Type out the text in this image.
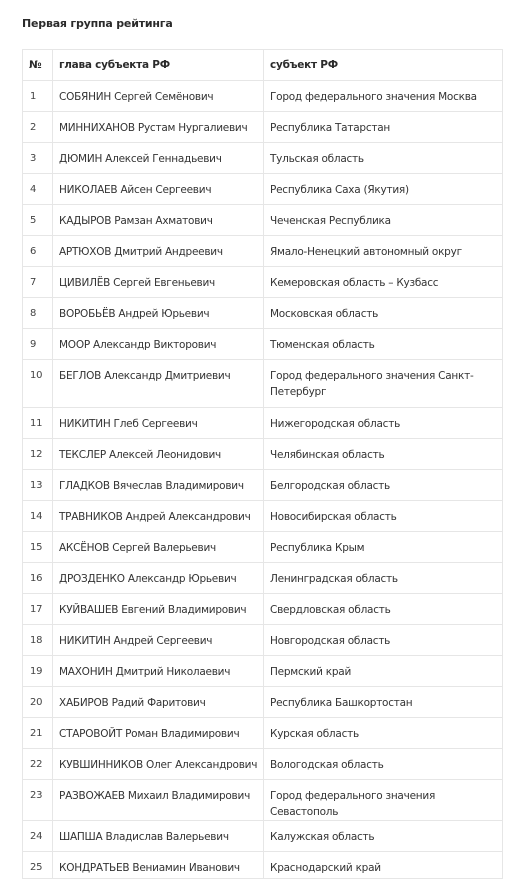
Первая группа рейтинга
№	глава субъекта РФ	субъект РФ
1	СОБЯНИН Сергей Семёнович	Город федерального значения Москва
2	МИННИХАНОВ Рустам Нургалиевич	Республика Татарстан
3	ДЮМИН Алексей Геннадьевич	Тульская область
4	НИКОЛАЕВ Айсен Сергеевич	Республика Саха (Якутия)
5	КАДЫРОВ Рамзан Ахматович	Чеченская Республика
6	АРТЮХОВ Дмитрий Андреевич	Ямало-Ненецкий автономный округ
7	ЦИВИЛЁВ Сергей Евгеньевич	Кемеровская область – Кузбасс
8	ВОРОБЬЁВ Андрей Юрьевич	Московская область
9	МООР Александр Викторович	Тюменская область
10	БЕГЛОВ Александр Дмитриевич	Город федерального значения Санкт-Петербург
11	НИКИТИН Глеб Сергеевич	Нижегородская область
12	ТЕКСЛЕР Алексей Леонидович	Челябинская область
13	ГЛАДКОВ Вячеслав Владимирович	Белгородская область
14	ТРАВНИКОВ Андрей Александрович	Новосибирская область
15	АКСЁНОВ Сергей Валерьевич	Республика Крым
16	ДРОЗДЕНКО Александр Юрьевич	Ленинградская область
17	КУЙВАШЕВ Евгений Владимирович	Свердловская область
18	НИКИТИН Андрей Сергеевич	Новгородская область
19	МАХОНИН Дмитрий Николаевич	Пермский край
20	ХАБИРОВ Радий Фаритович	Республика Башкортостан
21	СТАРОВОЙТ Роман Владимирович	Курская область
22	КУВШИННИКОВ Олег Александрович	Вологодская область
23	РАЗВОЖАЕВ Михаил Владимирович	Город федерального значения Севастополь
24	ШАПША Владислав Валерьевич	Калужская область
25	КОНДРАТЬЕВ Вениамин Иванович	Краснодарский край
